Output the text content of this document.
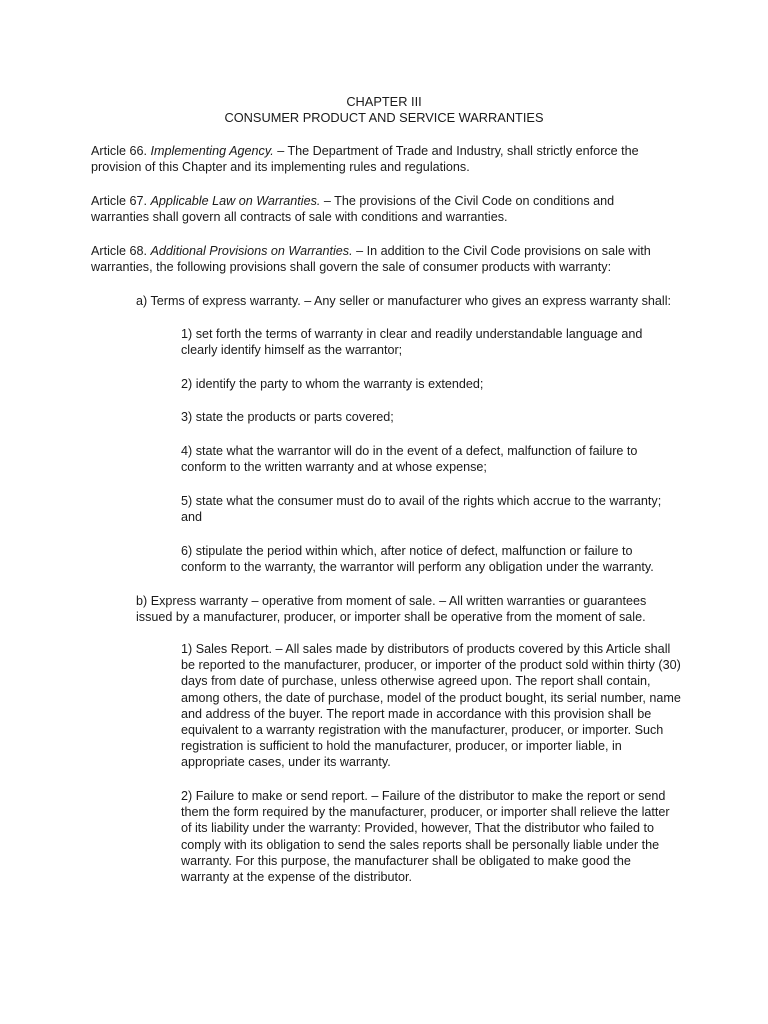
CHAPTER III
CONSUMER PRODUCT AND SERVICE WARRANTIES

Article 66. Implementing Agency. – The Department of Trade and Industry, shall strictly enforce the provision of this Chapter and its implementing rules and regulations.

Article 67. Applicable Law on Warranties. – The provisions of the Civil Code on conditions and warranties shall govern all contracts of sale with conditions and warranties.

Article 68. Additional Provisions on Warranties. – In addition to the Civil Code provisions on sale with warranties, the following provisions shall govern the sale of consumer products with warranty:

a) Terms of express warranty. – Any seller or manufacturer who gives an express warranty shall:

1) set forth the terms of warranty in clear and readily understandable language and clearly identify himself as the warrantor;

2) identify the party to whom the warranty is extended;

3) state the products or parts covered;

4) state what the warrantor will do in the event of a defect, malfunction of failure to conform to the written warranty and at whose expense;

5) state what the consumer must do to avail of the rights which accrue to the warranty; and

6) stipulate the period within which, after notice of defect, malfunction or failure to conform to the warranty, the warrantor will perform any obligation under the warranty.

b) Express warranty – operative from moment of sale. – All written warranties or guarantees issued by a manufacturer, producer, or importer shall be operative from the moment of sale.

1) Sales Report. – All sales made by distributors of products covered by this Article shall be reported to the manufacturer, producer, or importer of the product sold within thirty (30) days from date of purchase, unless otherwise agreed upon. The report shall contain, among others, the date of purchase, model of the product bought, its serial number, name and address of the buyer. The report made in accordance with this provision shall be equivalent to a warranty registration with the manufacturer, producer, or importer. Such registration is sufficient to hold the manufacturer, producer, or importer liable, in appropriate cases, under its warranty.

2) Failure to make or send report. – Failure of the distributor to make the report or send them the form required by the manufacturer, producer, or importer shall relieve the latter of its liability under the warranty: Provided, however, That the distributor who failed to comply with its obligation to send the sales reports shall be personally liable under the warranty. For this purpose, the manufacturer shall be obligated to make good the warranty at the expense of the distributor.
